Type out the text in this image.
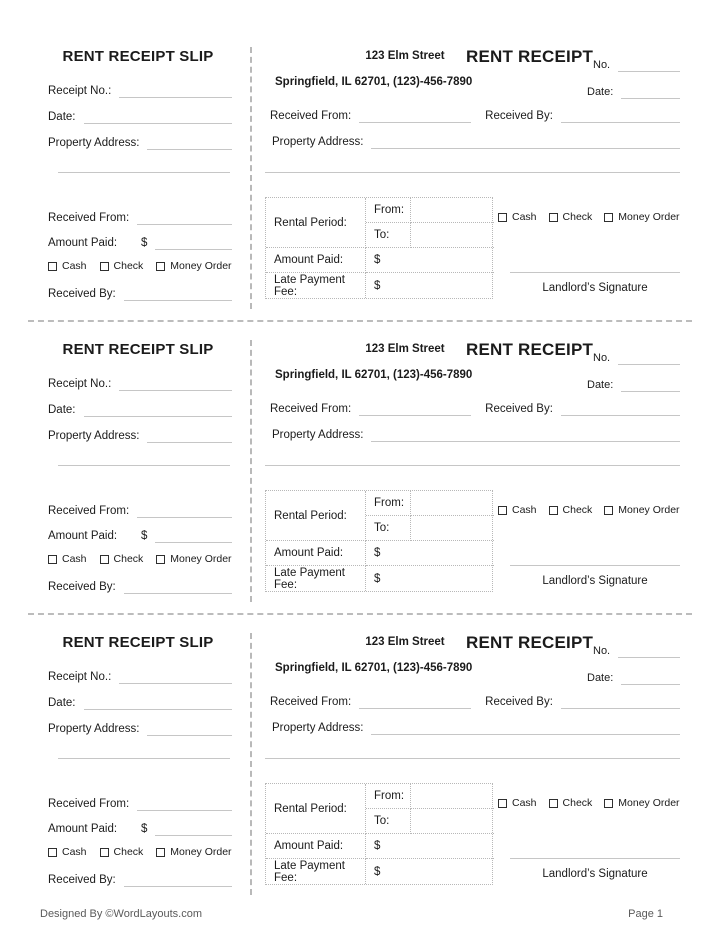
RENT RECEIPT SLIP
Receipt No.:
Date:
Property Address:
Received From:
Amount Paid: $
Cash	Check	Money Order
Received By:
123 Elm Street
Springfield, IL 62701, (123)-456-7890
RENT RECEIPT No.
Date:
Received From:	Received By:
Property Address:
Rental Period:
From:
To:
Amount Paid:	$
Late Payment Fee:	$
Cash Check Money Order
Landlord’s Signature
RENT RECEIPT SLIP
Receipt No.:
Date:
Property Address:
Received From:
Amount Paid: $
Cash	Check	Money Order
Received By:
123 Elm Street
Springfield, IL 62701, (123)-456-7890
RENT RECEIPT No.
Date:
Received From:	Received By:
Property Address:
Rental Period:
From:
To:
Amount Paid:	$
Late Payment Fee:	$
Cash Check Money Order
Landlord’s Signature
RENT RECEIPT SLIP
Receipt No.:
Date:
Property Address:
Received From:
Amount Paid: $
Cash	Check	Money Order
Received By:
123 Elm Street
Springfield, IL 62701, (123)-456-7890
RENT RECEIPT No.
Date:
Received From:	Received By:
Property Address:
Rental Period:
From:
To:
Amount Paid:	$
Late Payment Fee:	$
Cash Check Money Order
Landlord’s Signature
Designed By ©WordLayouts.com	Page 1
